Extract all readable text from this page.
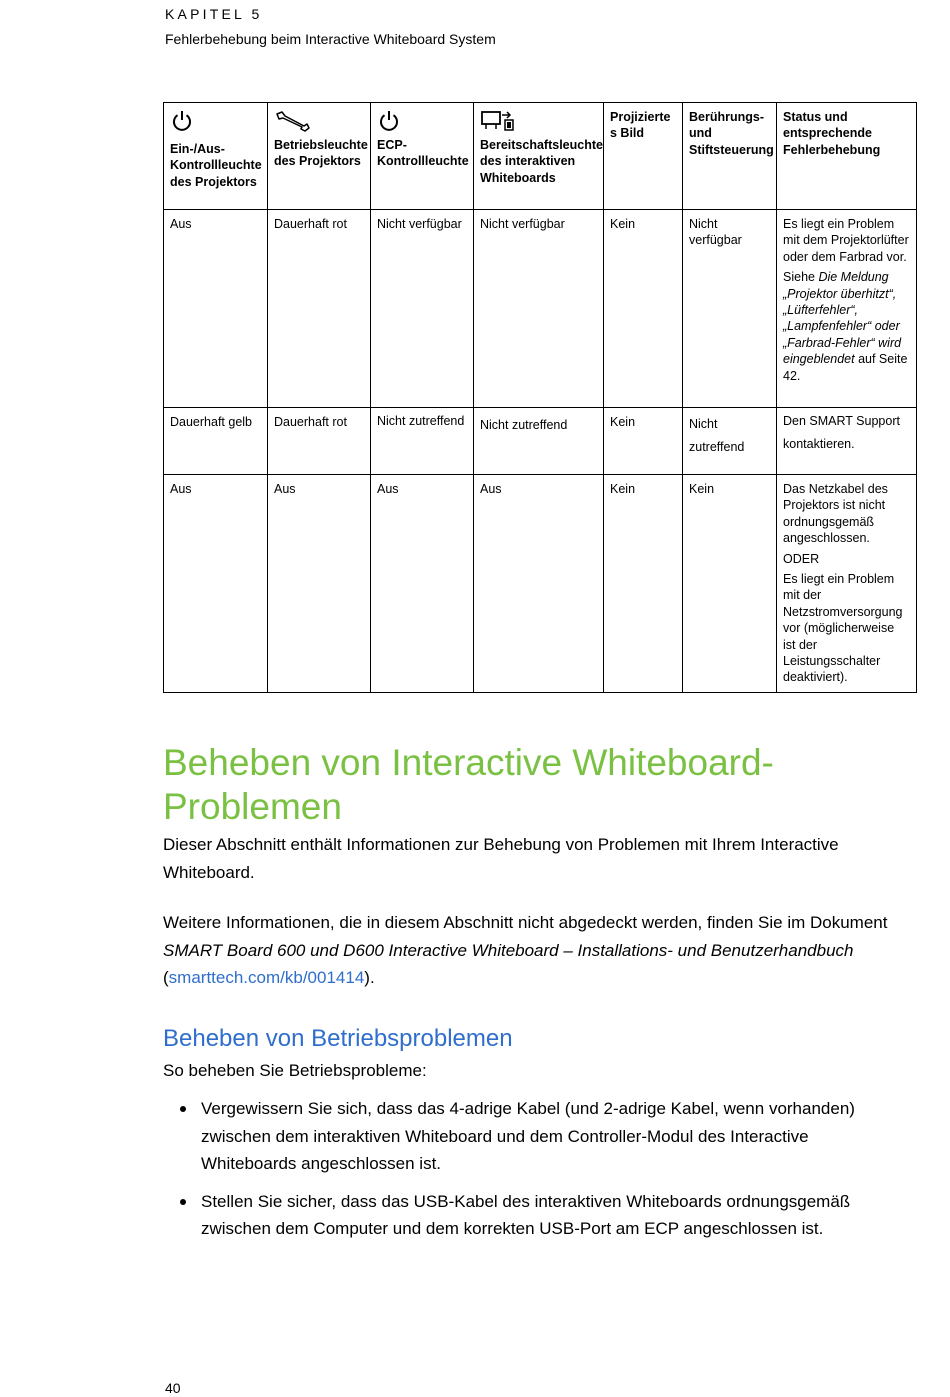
KAPITEL 5
Fehlerbehebung beim Interactive Whiteboard System
Ein-/Aus-Kontrollleuchte des Projektors	Betriebsleuchte des Projektors	ECP-Kontrollleuchte	Bereitschaftsleuchte des interaktiven Whiteboards	Projizierte s Bild	Berührungs- und Stiftsteuerung	Status und entsprechende Fehlerbehebung
Aus	Dauerhaft rot	Nicht verfügbar	Nicht verfügbar	Kein	Nicht verfügbar	Es liegt ein Problem mit dem Projektorlüfter oder dem Farbrad vor.

Siehe Die Meldung „Projektor überhitzt“, „Lüfterfehler“, „Lampfenfehler“ oder „Farbrad-Fehler“ wird eingeblendet auf Seite 42.

Dauerhaft gelb	Dauerhaft rot	Nicht zutreffend	Nicht zutreffend	Kein	Nicht zutreffend	Den SMART Support kontaktieren.
Aus	Aus	Aus	Aus	Kein	Kein	Das Netzkabel des Projektors ist nicht ordnungsgemäß angeschlossen.

ODER

Es liegt ein Problem mit der Netzstromversorgung vor (möglicherweise ist der Leistungsschalter deaktiviert).

Beheben von Interactive Whiteboard-Problemen

Dieser Abschnitt enthält Informationen zur Behebung von Problemen mit Ihrem Interactive Whiteboard.

Weitere Informationen, die in diesem Abschnitt nicht abgedeckt werden, finden Sie im Dokument SMART Board 600 und D600 Interactive Whiteboard – Installations- und Benutzerhandbuch (smarttech.com/kb/001414).

Beheben von Betriebsproblemen
So beheben Sie Betriebsprobleme:
Vergewissern Sie sich, dass das 4-adrige Kabel (und 2-adrige Kabel, wenn vorhanden) zwischen dem interaktiven Whiteboard und dem Controller-Modul des Interactive Whiteboards angeschlossen ist.
Stellen Sie sicher, dass das USB-Kabel des interaktiven Whiteboards ordnungsgemäß zwischen dem Computer und dem korrekten USB-Port am ECP angeschlossen ist.
40
